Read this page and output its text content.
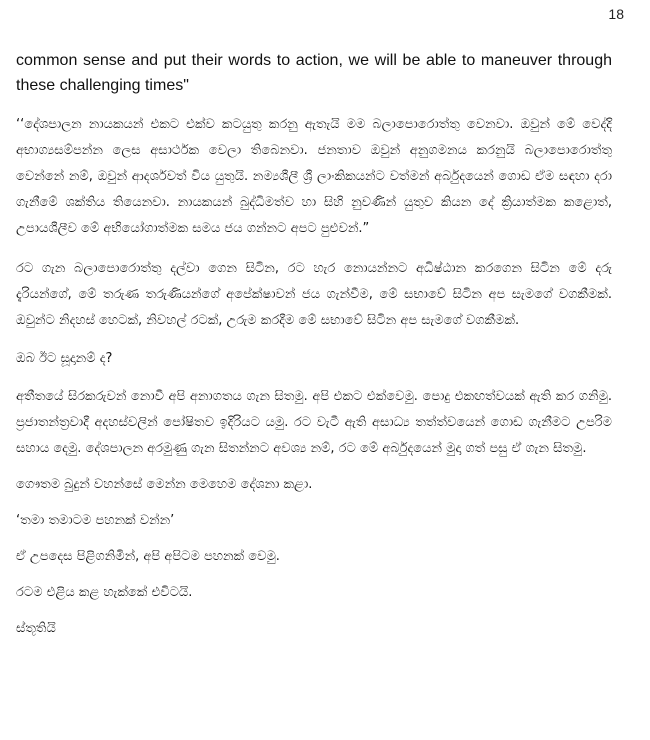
18

common sense and put their words to action, we will be able to maneuver through these challenging times"

‘‘දේශපාලන නායකයන් එකට එක්ව කටයුතු කරනු ඇතැයි මම බලාපොරොත්තු වෙනවා. ඔවුන් මේ වෙද්දි අභාග්‍යසම්පන්න ලෙස අසාර්ථක වෙලා තිබෙනවා. ජනතාව ඔවුන් අනුගමනය කරනුයි බලාපොරොත්තු වෙන්නේ නම්, ඔවුන් ආදර්ශවත් විය යුතුයි. නම්‍යශීලී ශ්‍රී ලාංකිකයන්ට වත්මන් අර්බුදයෙන් ගොඩ ඒම සඳහා දරා ගැනීමේ ශක්තිය තියෙනවා. නායකයන් බුද්ධිමත්ව හා සිහි නුවණින් යුතුව කියන දේ ක්‍රියාත්මක කළොත්, උපායශීලීව මේ අභියෝගාත්මක සමය ජය ගන්නට අපට පුළුවන්.”

රට ගැන බලාපොරොත්තු දල්වා ගෙන සිටින, රට හැර නොයන්නට අධිෂ්ඨාන කරගෙන සිටින මේ දරු දැරියන්ගේ, මේ තරුණ තරුණියන්ගේ අපේක්ෂාවන් ජය ගැන්වීම, මේ සභාවේ සිටින අප සැමගේ වගකීමක්. ඔවුන්ට නිදහස් හෙටක්, නිවහල් රටක්, උරුම කරදීම මේ සභාවේ සිටින අප සැමගේ වගකීමක්.

ඔබ ඊට සූදානම් ද?

අතීතයේ සිරකරුවන් නොවී අපි අනාගතය ගැන සිතමු. අපි එකට එක්වෙමු. පොදු එකඟත්වයක් ඇති කර ගනිමු. ප්‍රජාතන්ත්‍රවාදී අදහස්වලින් පෝෂිතව ඉදිරියට යමු. රට වැටී ඇති අසාධ්‍ය තත්ත්වයෙන් ගොඩ ගැනීමට උපරිම සහාය දෙමු. දේශපාලන අරමුණු ගැන සිතන්නට අවශ්‍ය නම්, රට මේ අර්බුදයෙන් මුදා ගත් පසු ඒ ගැන සිතමු.

ගෞතම බුදුන් වහන්සේ මෙන්න මෙහෙම දේශනා කළා.

‘තමා තමාටම පහනක් වන්න’

ඒ උපදෙස පිළිගනිමින්, අපි අපිටම පහනක් වෙමු.

රටම එළිය කළ හැක්කේ එවිටයි.

ස්තූතියි
